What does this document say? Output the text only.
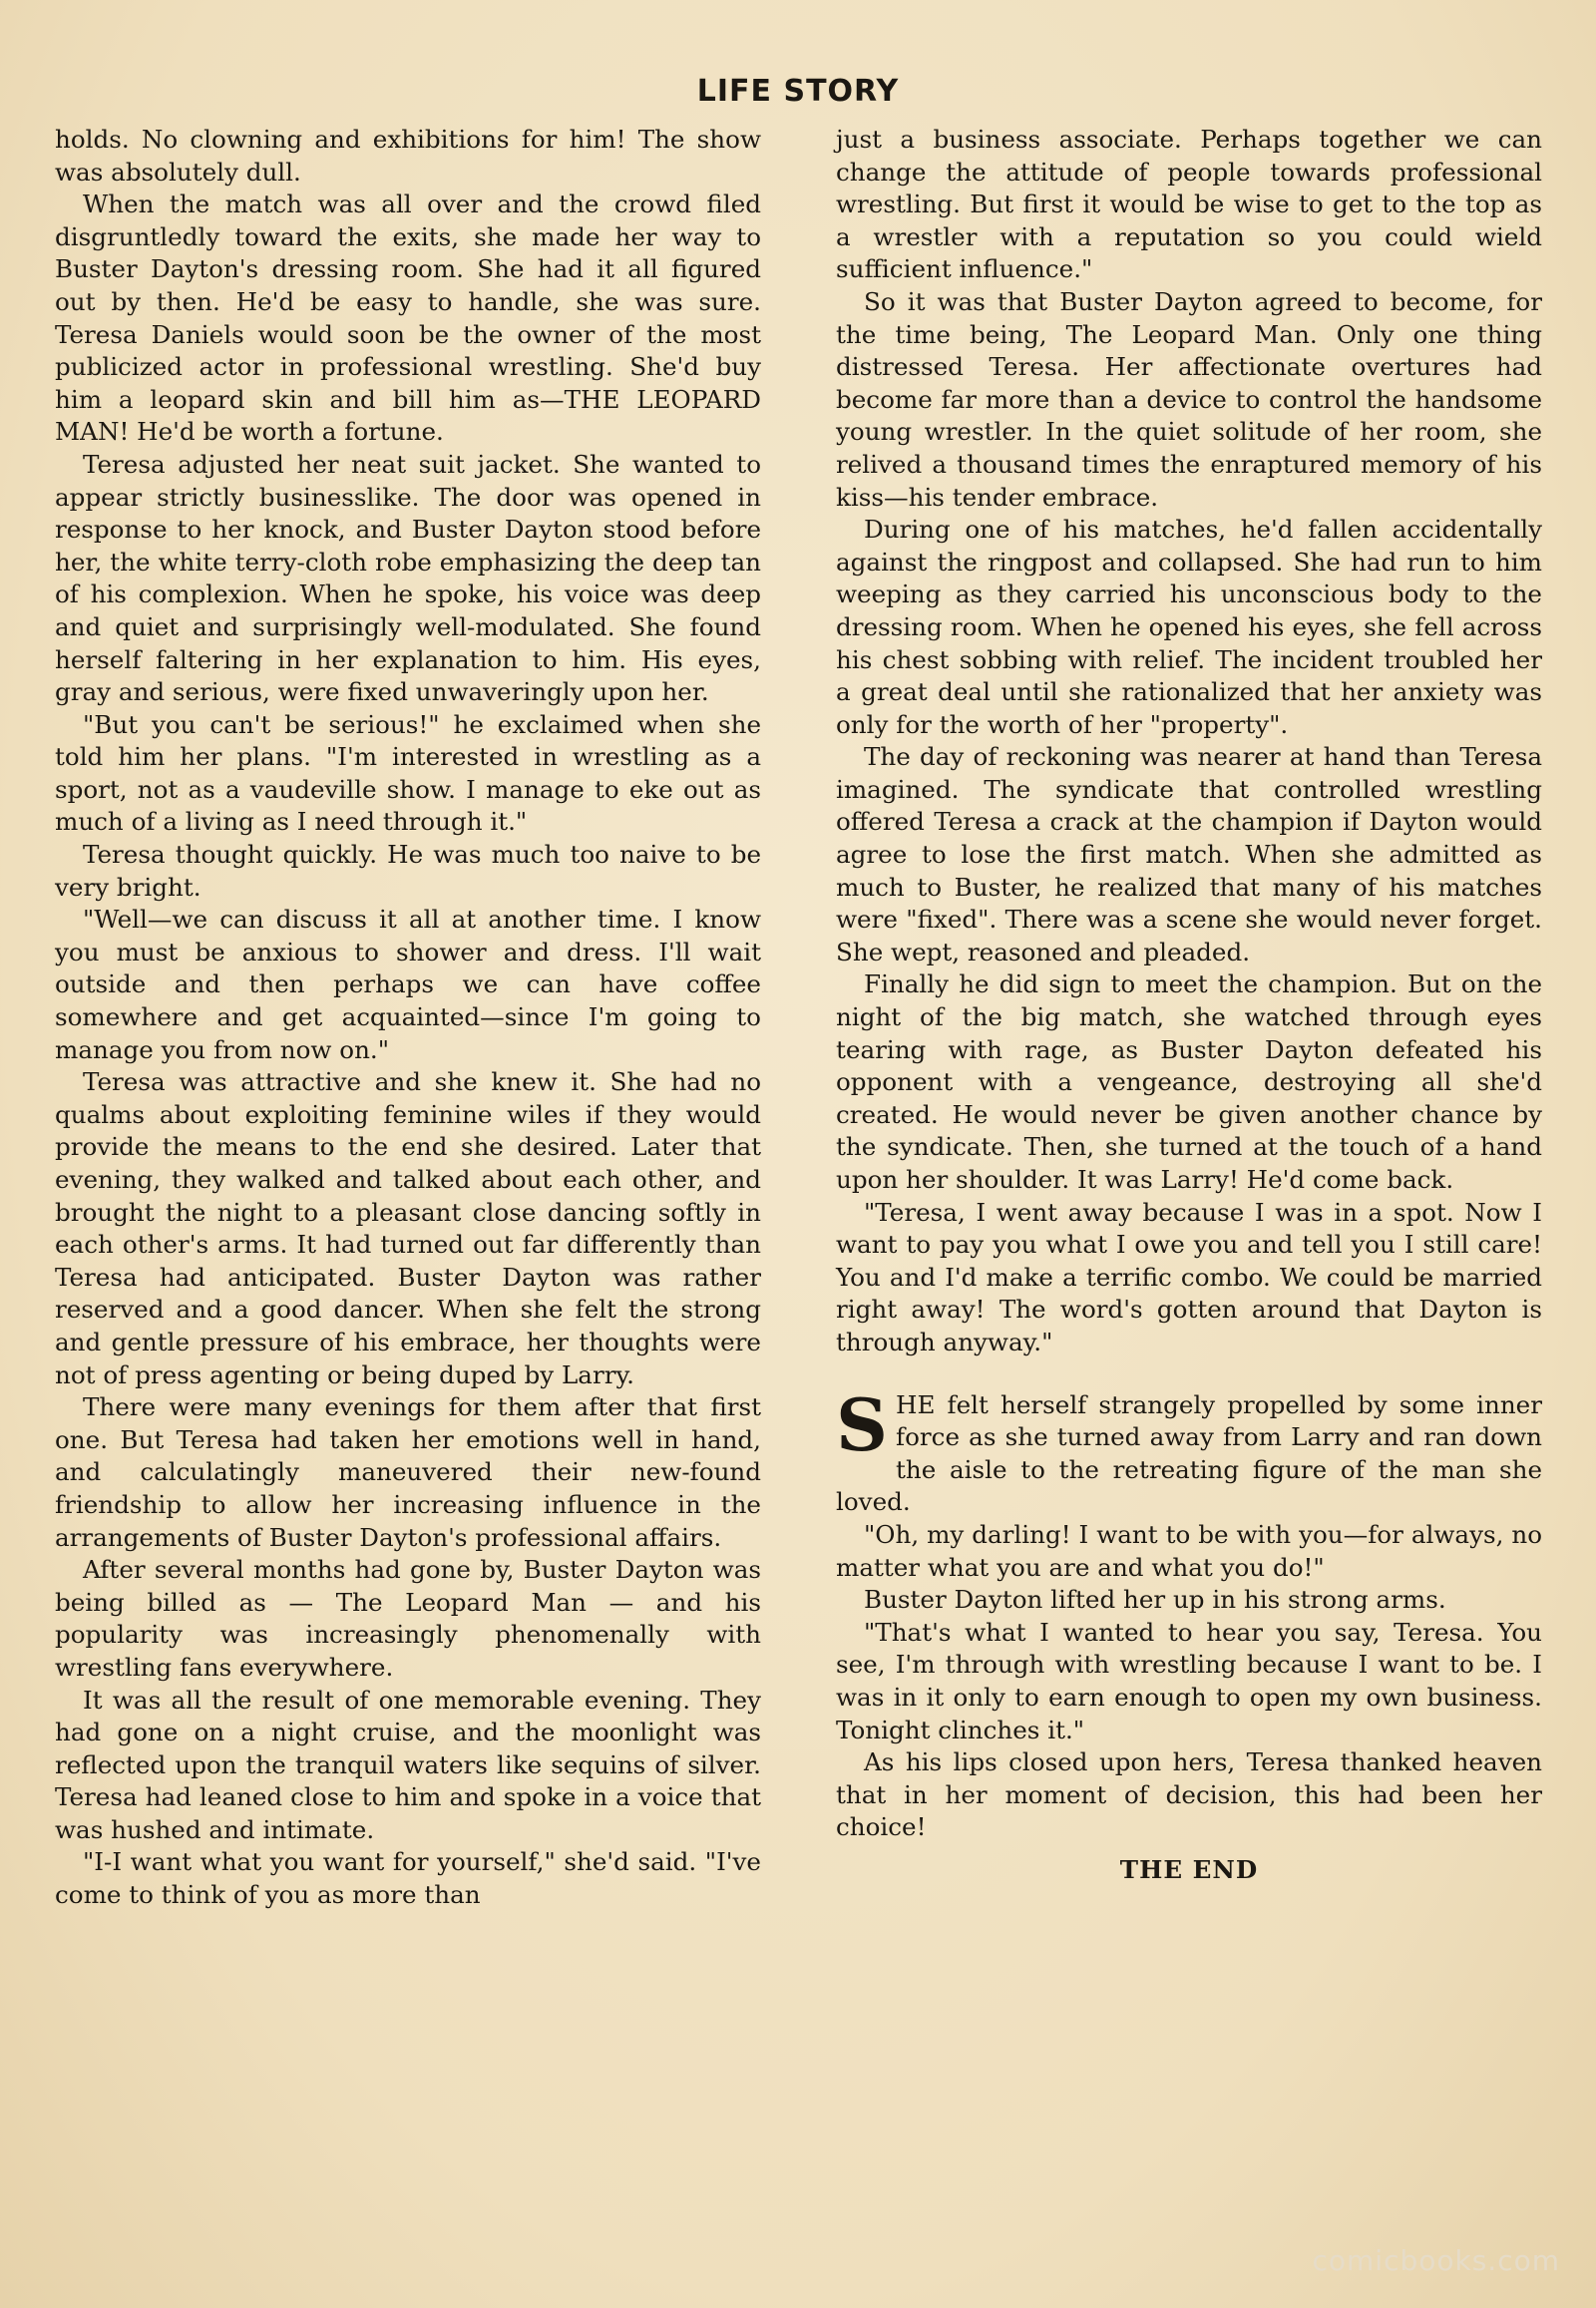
LIFE STORY

holds. No clowning and exhibitions for him! The show was absolutely dull.

When the match was all over and the crowd filed disgruntledly toward the exits, she made her way to Buster Dayton's dressing room. She had it all figured out by then. He'd be easy to handle, she was sure. Teresa Daniels would soon be the owner of the most publicized actor in professional wrestling. She'd buy him a leopard skin and bill him as—THE LEOPARD MAN! He'd be worth a fortune.

Teresa adjusted her neat suit jacket. She wanted to appear strictly businesslike. The door was opened in response to her knock, and Buster Dayton stood before her, the white terry-cloth robe emphasizing the deep tan of his complexion. When he spoke, his voice was deep and quiet and surprisingly well-modulated. She found herself faltering in her explanation to him. His eyes, gray and serious, were fixed unwaveringly upon her.

"But you can't be serious!" he exclaimed when she told him her plans. "I'm interested in wrestling as a sport, not as a vaudeville show. I manage to eke out as much of a living as I need through it."

Teresa thought quickly. He was much too naive to be very bright.

"Well—we can discuss it all at another time. I know you must be anxious to shower and dress. I'll wait outside and then perhaps we can have coffee somewhere and get acquainted—since I'm going to manage you from now on."

Teresa was attractive and she knew it. She had no qualms about exploiting feminine wiles if they would provide the means to the end she desired. Later that evening, they walked and talked about each other, and brought the night to a pleasant close dancing softly in each other's arms. It had turned out far differently than Teresa had anticipated. Buster Dayton was rather reserved and a good dancer. When she felt the strong and gentle pressure of his embrace, her thoughts were not of press agenting or being duped by Larry.

There were many evenings for them after that first one. But Teresa had taken her emotions well in hand, and calculatingly maneuvered their new-found friendship to allow her increasing influence in the arrangements of Buster Dayton's professional affairs.

After several months had gone by, Buster Dayton was being billed as — The Leopard Man — and his popularity was increasingly phenomenally with wrestling fans everywhere.

It was all the result of one memorable evening. They had gone on a night cruise, and the moonlight was reflected upon the tranquil waters like sequins of silver. Teresa had leaned close to him and spoke in a voice that was hushed and intimate.

"I-I want what you want for yourself," she'd said. "I've come to think of you as more than

just a business associate. Perhaps together we can change the attitude of people towards professional wrestling. But first it would be wise to get to the top as a wrestler with a reputation so you could wield sufficient influence."

So it was that Buster Dayton agreed to become, for the time being, The Leopard Man. Only one thing distressed Teresa. Her affectionate overtures had become far more than a device to control the handsome young wrestler. In the quiet solitude of her room, she relived a thousand times the enraptured memory of his kiss—his tender embrace.

During one of his matches, he'd fallen accidentally against the ringpost and collapsed. She had run to him weeping as they carried his unconscious body to the dressing room. When he opened his eyes, she fell across his chest sobbing with relief. The incident troubled her a great deal until she rationalized that her anxiety was only for the worth of her "property".

The day of reckoning was nearer at hand than Teresa imagined. The syndicate that controlled wrestling offered Teresa a crack at the champion if Dayton would agree to lose the first match. When she admitted as much to Buster, he realized that many of his matches were "fixed". There was a scene she would never forget. She wept, reasoned and pleaded.

Finally he did sign to meet the champion. But on the night of the big match, she watched through eyes tearing with rage, as Buster Dayton defeated his opponent with a vengeance, destroying all she'd created. He would never be given another chance by the syndicate. Then, she turned at the touch of a hand upon her shoulder. It was Larry! He'd come back.

"Teresa, I went away because I was in a spot. Now I want to pay you what I owe you and tell you I still care! You and I'd make a terrific combo. We could be married right away! The word's gotten around that Dayton is through anyway."

SHE felt herself strangely propelled by some inner force as she turned away from Larry and ran down the aisle to the retreating figure of the man she loved.

"Oh, my darling! I want to be with you—for always, no matter what you are and what you do!"

Buster Dayton lifted her up in his strong arms.

"That's what I wanted to hear you say, Teresa. You see, I'm through with wrestling because I want to be. I was in it only to earn enough to open my own business. Tonight clinches it."

As his lips closed upon hers, Teresa thanked heaven that in her moment of decision, this had been her choice!

THE END
comicbooks.com
